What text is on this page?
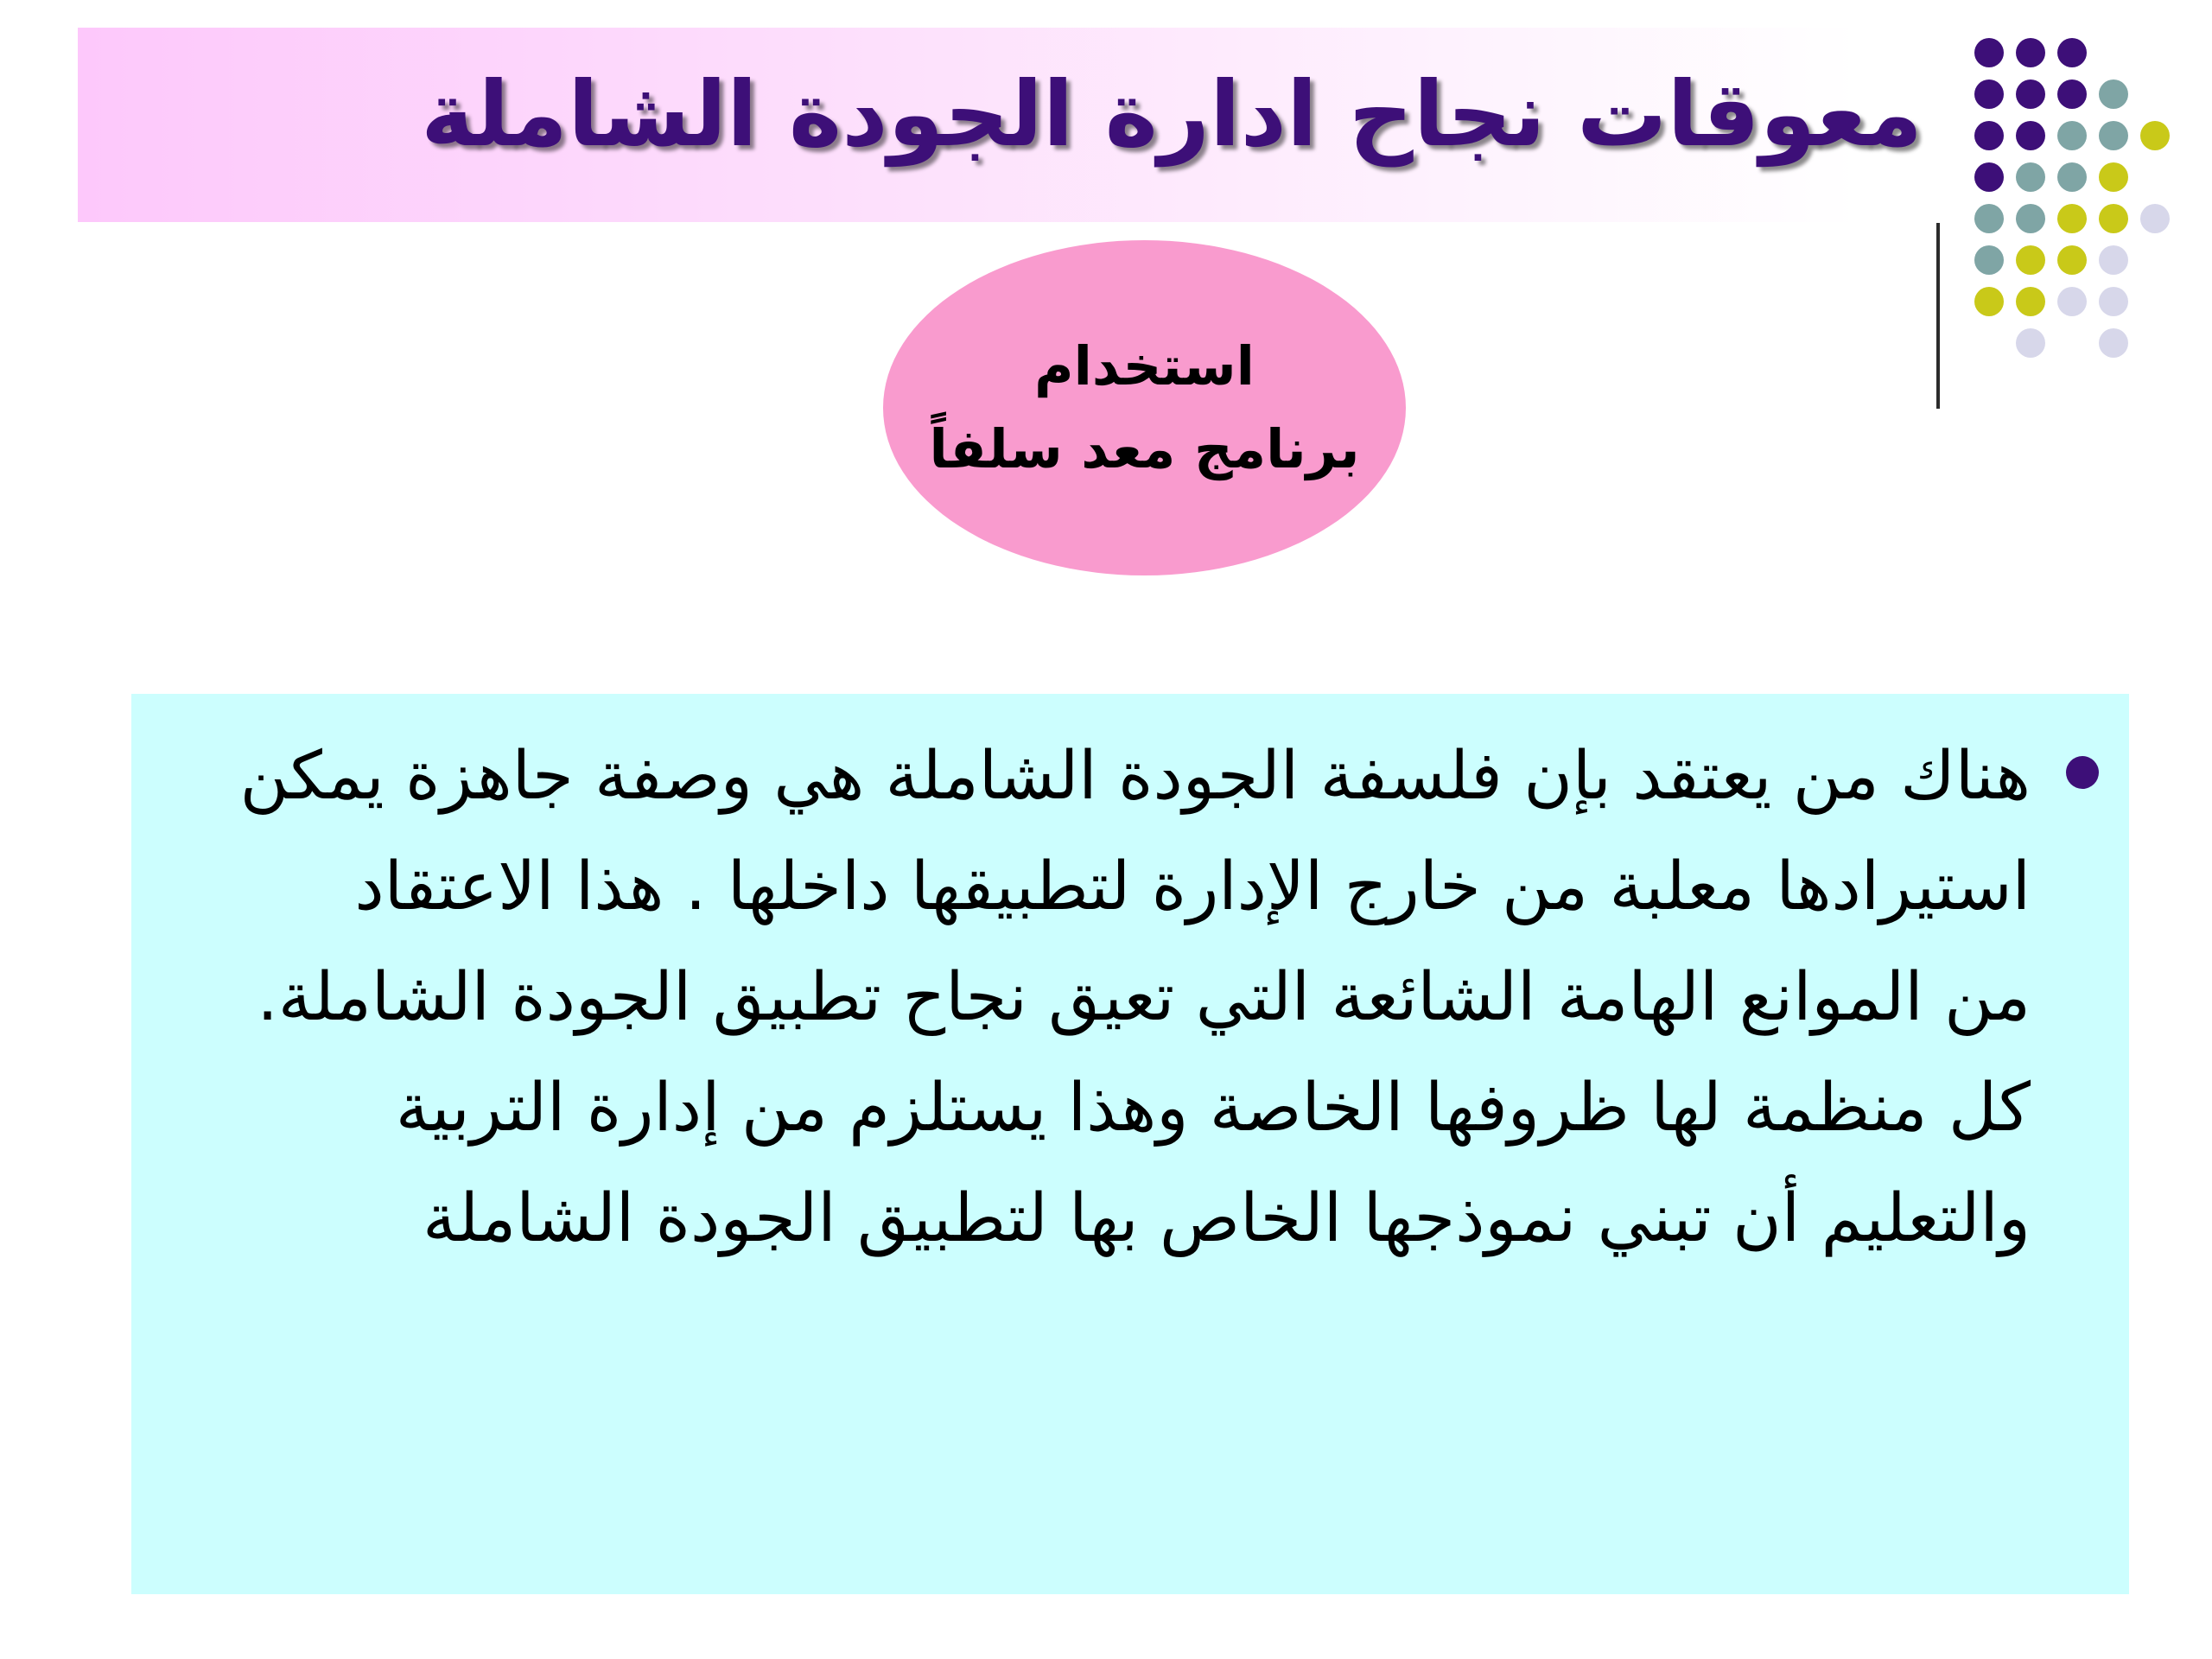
معوقات نجاح ادارة الجودة الشاملة
استخدام
برنامج معد سلفاً

هناك من يعتقد بإن فلسفة الجودة الشاملة هي وصفة جاهزة يمكن
استيرادها معلبة من خارج الإدارة لتطبيقها داخلها . هذا الاعتقاد
من الموانع الهامة الشائعة التي تعيق نجاح تطبيق الجودة الشاملة.
كل منظمة لها ظروفها الخاصة وهذا يستلزم من إدارة التربية
والتعليم أن تبني نموذجها الخاص بها لتطبيق الجودة الشاملة
